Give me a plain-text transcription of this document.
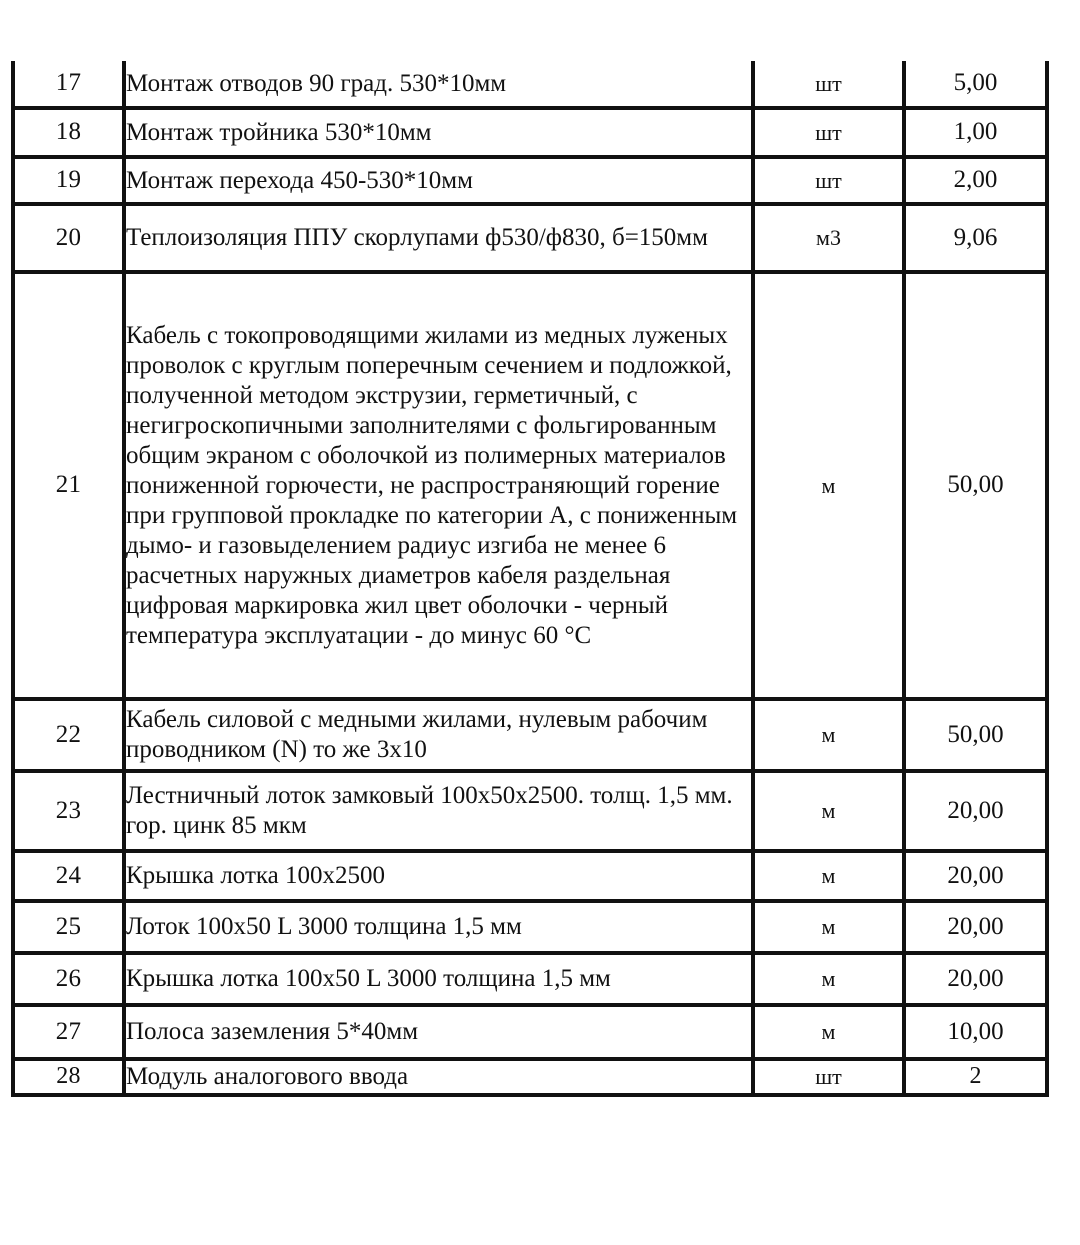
17	Монтаж отводов 90 град. 530*10мм	шт	5,00
18	Монтаж тройника 530*10мм	шт	1,00
19	Монтаж перехода 450-530*10мм	шт	2,00
20	Теплоизоляция ППУ скорлупами ф530/ф830, б=150мм	м3	9,06
21	Кабель с токопроводящими жилами из медных луженых проволок с круглым поперечным сечением и подложкой, полученной методом экструзии, герметичный, с негигроскопичными заполнителями с фольгированным общим экраном с оболочкой из полимерных материалов пониженной горючести, не распространяющий горение при групповой прокладке по категории А, с пониженным дымо- и газовыделением радиус изгиба не менее 6 расчетных наружных диаметров кабеля раздельная цифровая маркировка жил цвет оболочки - черный температура эксплуатации - до минус 60 °C	м	50,00
22	Кабель силовой с медными жилами, нулевым рабочим проводником (N) то же 3х10	м	50,00
23	Лестничный лоток замковый 100x50x2500. толщ. 1,5 мм. гор. цинк 85 мкм	м	20,00
24	Крышка лотка 100x2500	м	20,00
25	Лоток 100x50 L 3000 толщина 1,5 мм	м	20,00
26	Крышка лотка 100x50 L 3000 толщина 1,5 мм	м	20,00
27	Полоса заземления 5*40мм	м	10,00
28	Модуль аналогового ввода	шт	2
